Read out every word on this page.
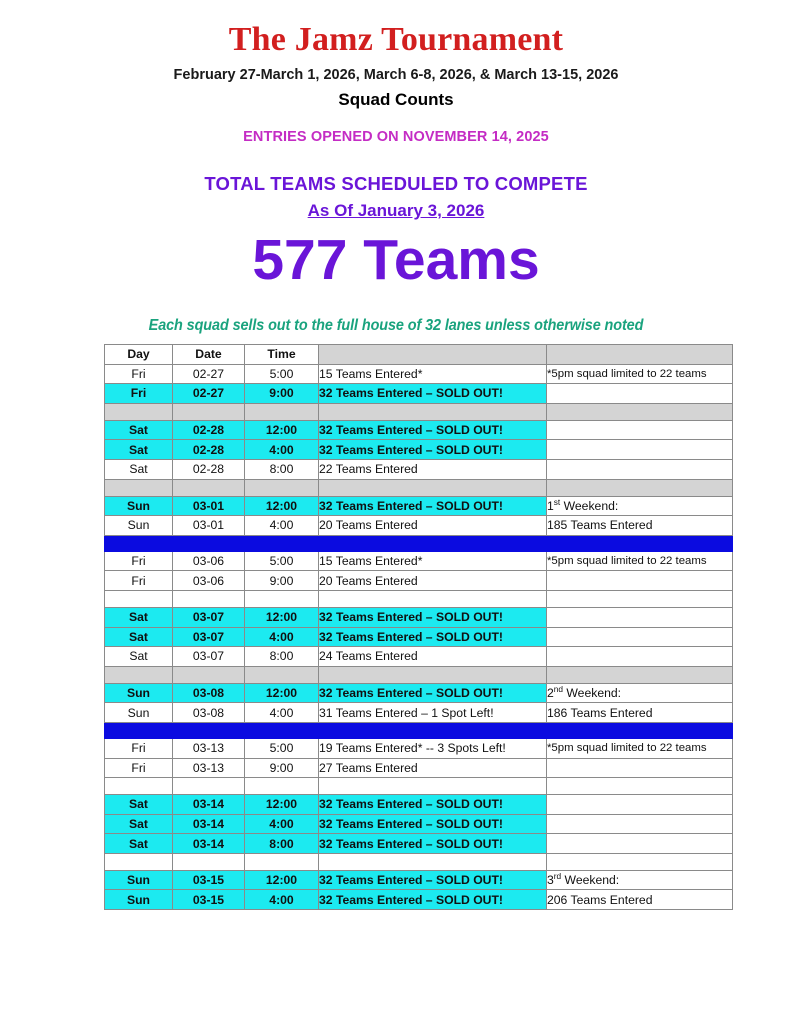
The Jamz Tournament
February 27-March 1, 2026, March 6-8, 2026, & March 13-15, 2026
Squad Counts
ENTRIES OPENED ON NOVEMBER 14, 2025
TOTAL TEAMS SCHEDULED TO COMPETE
As Of January 3, 2026
577 Teams
Each squad sells out to the full house of 32 lanes unless otherwise noted
Day	Date	Time		
Fri	02-27	5:00	15 Teams Entered*	*5pm squad limited to 22 teams
Fri	02-27	9:00	32 Teams Entered – SOLD OUT!	

Sat	02-28	12:00	32 Teams Entered – SOLD OUT!	
Sat	02-28	4:00	32 Teams Entered – SOLD OUT!	
Sat	02-28	8:00	22 Teams Entered	

Sun	03-01	12:00	32 Teams Entered – SOLD OUT!	1st Weekend:
Sun	03-01	4:00	20 Teams Entered	185 Teams Entered

Fri	03-06	5:00	15 Teams Entered*	*5pm squad limited to 22 teams
Fri	03-06	9:00	20 Teams Entered	

Sat	03-07	12:00	32 Teams Entered – SOLD OUT!	
Sat	03-07	4:00	32 Teams Entered – SOLD OUT!	
Sat	03-07	8:00	24 Teams Entered	

Sun	03-08	12:00	32 Teams Entered – SOLD OUT!	2nd Weekend:
Sun	03-08	4:00	31 Teams Entered – 1 Spot Left!	186 Teams Entered

Fri	03-13	5:00	19 Teams Entered* -- 3 Spots Left!	*5pm squad limited to 22 teams
Fri	03-13	9:00	27 Teams Entered	

Sat	03-14	12:00	32 Teams Entered – SOLD OUT!	
Sat	03-14	4:00	32 Teams Entered – SOLD OUT!	
Sat	03-14	8:00	32 Teams Entered – SOLD OUT!	

Sun	03-15	12:00	32 Teams Entered – SOLD OUT!	3rd Weekend:
Sun	03-15	4:00	32 Teams Entered – SOLD OUT!	206 Teams Entered
